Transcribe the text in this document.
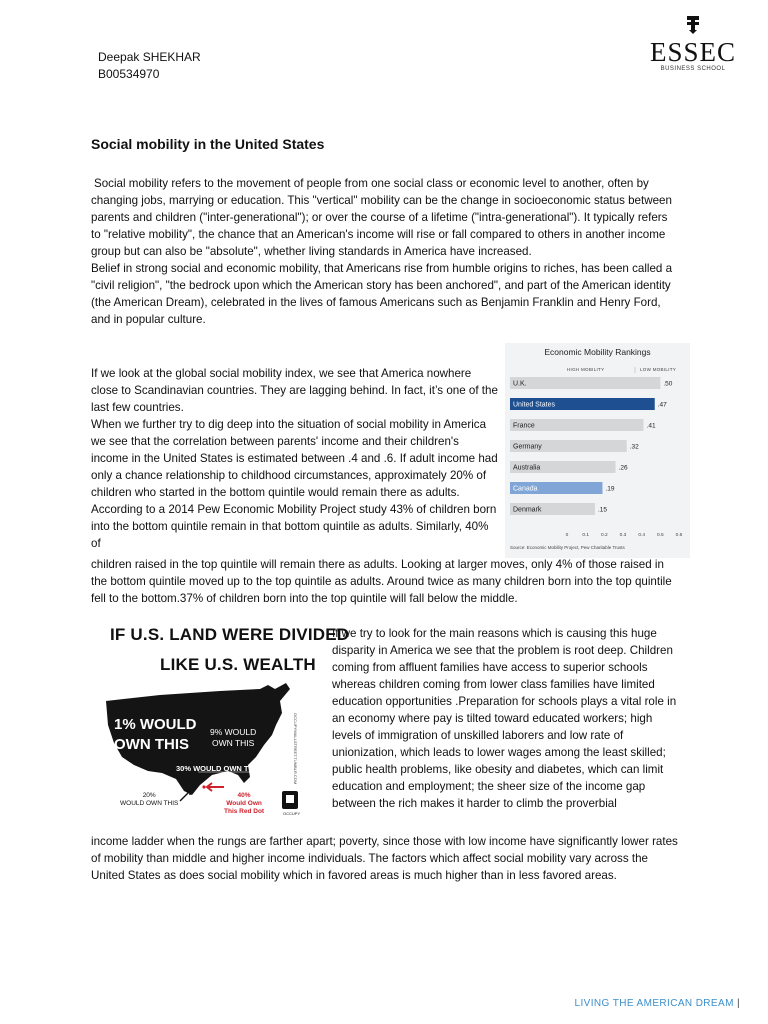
Deepak SHEKHAR
B00534970
ESSEC
BUSINESS SCHOOL
Social mobility in the United States

Social mobility refers to the movement of people from one social class or economic level to another, often by changing jobs, marrying or education. This "vertical" mobility can be the change in socioeconomic status between parents and children ("inter-generational"); or over the course of a lifetime ("intra-generational"). It typically refers to "relative mobility", the chance that an American's income will rise or fall compared to others in another income group but can also be "absolute", whether living standards in America have increased.

Belief in strong social and economic mobility, that Americans rise from humble origins to riches, has been called a "civil religion", "the bedrock upon which the American story has been anchored", and part of the American identity (the American Dream), celebrated in the lives of famous Americans such as Benjamin Franklin and Henry Ford, and in popular culture.

If we look at the global social mobility index, we see that America nowhere close to Scandinavian countries. They are lagging behind. In fact, it’s one of the last few countries.

When we further try to dig deep into the situation of social mobility in America we see that the correlation between parents' income and their children's income in the United States is estimated between .4 and .6. If adult income had only a chance relationship to childhood circumstances, approximately 20% of children who started in the bottom quintile would remain there as adults. According to a 2014 Pew Economic Mobility Project study 43% of children born into the bottom quintile remain in that bottom quintile as adults. Similarly, 40% of

children raised in the top quintile will remain there as adults. Looking at larger moves, only 4% of those raised in the bottom quintile moved up to the top quintile as adults. Around twice as many children born into the top quintile fell to the bottom.37% of children born into the top quintile will fall below the middle.
If we try to look for the main reasons which is causing this huge disparity in America we see that the problem is root deep. Children coming from affluent families have access to superior schools whereas children coming from lower class families have limited education opportunities .Preparation for schools plays a vital role in an economy where pay is tilted toward educated workers; high levels of immigration of unskilled laborers and low rate of unionization, which leads to lower wages among the least skilled; public health problems, like obesity and diabetes, which can limit education and employment; the sheer size of the income gap between the rich makes it harder to climb the proverbial
income ladder when the rungs are farther apart; poverty, since those with low income have significantly lower rates of mobility than middle and higher income individuals. The factors which affect social mobility vary across the United States as does social mobility which in favored areas is much higher than in less favored areas.
Economic Mobility Rankings
HIGH MOBILITY	LOW MOBILITY
U.K.	.50
United States	.47
France	.41
Germany	.32
Australia	.26
Canada	.19
Denmark	.15
0	0.1 0.2 0.3 0.4 0.5 0.6
Source: Economic Mobility Project, Pew Charitable Trusts
IF U.S. LAND WERE DIVIDED
LIKE U.S. WEALTH
1% WOULD
OWN THIS
9% WOULD
OWN THIS
30% WOULD OWN THIS
20%
WOULD OWN THIS
40%
Would Own
This Red Dot
OCCUPYWALLSTREET.TUMBLR.COM
OCCUPY
LIVING THE AMERICAN DREAM |
